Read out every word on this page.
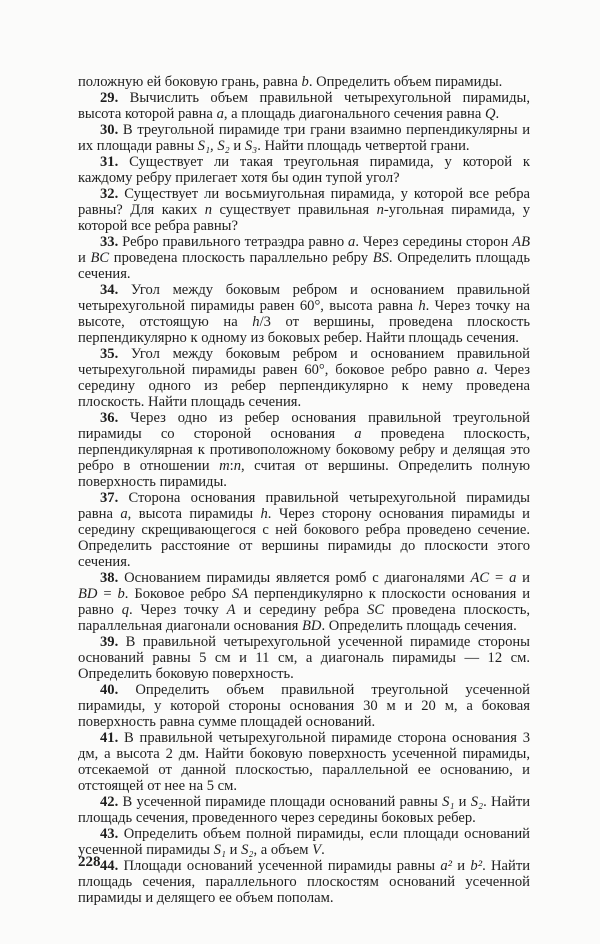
положную ей боковую грань, равна b. Определить объем пирамиды.

29. Вычислить объем правильной четырехугольной пирамиды, высота которой равна a, а площадь диагонального сечения равна Q.

30. В треугольной пирамиде три грани взаимно перпендикулярны и их площади равны S₁, S₂ и S₃. Найти площадь четвертой грани.

31. Существует ли такая треугольная пирамида, у которой к каждому ребру прилегает хотя бы один тупой угол?

32. Существует ли восьмиугольная пирамида, у которой все ребра равны? Для каких n существует правильная n-угольная пирамида, у которой все ребра равны?

33. Ребро правильного тетраэдра равно a. Через середины сторон AB и BC проведена плоскость параллельно ребру BS. Определить площадь сечения.

34. Угол между боковым ребром и основанием правильной четырехугольной пирамиды равен 60°, высота равна h. Через точку на высоте, отстоящую на h/3 от вершины, проведена плоскость перпендикулярно к одному из боковых ребер. Найти площадь сечения.

35. Угол между боковым ребром и основанием правильной четырехугольной пирамиды равен 60°, боковое ребро равно a. Через середину одного из ребер перпендикулярно к нему проведена плоскость. Найти площадь сечения.

36. Через одно из ребер основания правильной треугольной пирамиды со стороной основания a проведена плоскость, перпендикулярная к противоположному боковому ребру и делящая это ребро в отношении m:n, считая от вершины. Определить полную поверхность пирамиды.

37. Сторона основания правильной четырехугольной пирамиды равна a, высота пирамиды h. Через сторону основания пирамиды и середину скрещивающегося с ней бокового ребра проведено сечение. Определить расстояние от вершины пирамиды до плоскости этого сечения.

38. Основанием пирамиды является ромб с диагоналями AC = a и BD = b. Боковое ребро SA перпендикулярно к плоскости основания и равно q. Через точку A и середину ребра SC проведена плоскость, параллельная диагонали основания BD. Определить площадь сечения.

39. В правильной четырехугольной усеченной пирамиде стороны оснований равны 5 см и 11 см, а диагональ пирамиды — 12 см. Определить боковую поверхность.

40. Определить объем правильной треугольной усеченной пирамиды, у которой стороны основания 30 м и 20 м, а боковая поверхность равна сумме площадей оснований.

41. В правильной четырехугольной пирамиде сторона основания 3 дм, а высота 2 дм. Найти боковую поверхность усеченной пирамиды, отсекаемой от данной плоскостью, параллельной ее основанию, и отстоящей от нее на 5 см.

42. В усеченной пирамиде площади оснований равны S₁ и S₂. Найти площадь сечения, проведенного через середины боковых ребер.

43. Определить объем полной пирамиды, если площади оснований усеченной пирамиды S₁ и S₂, а объем V.

44. Площади оснований усеченной пирамиды равны a² и b². Найти площадь сечения, параллельного плоскостям оснований усеченной пирамиды и делящего ее объем пополам.

228
